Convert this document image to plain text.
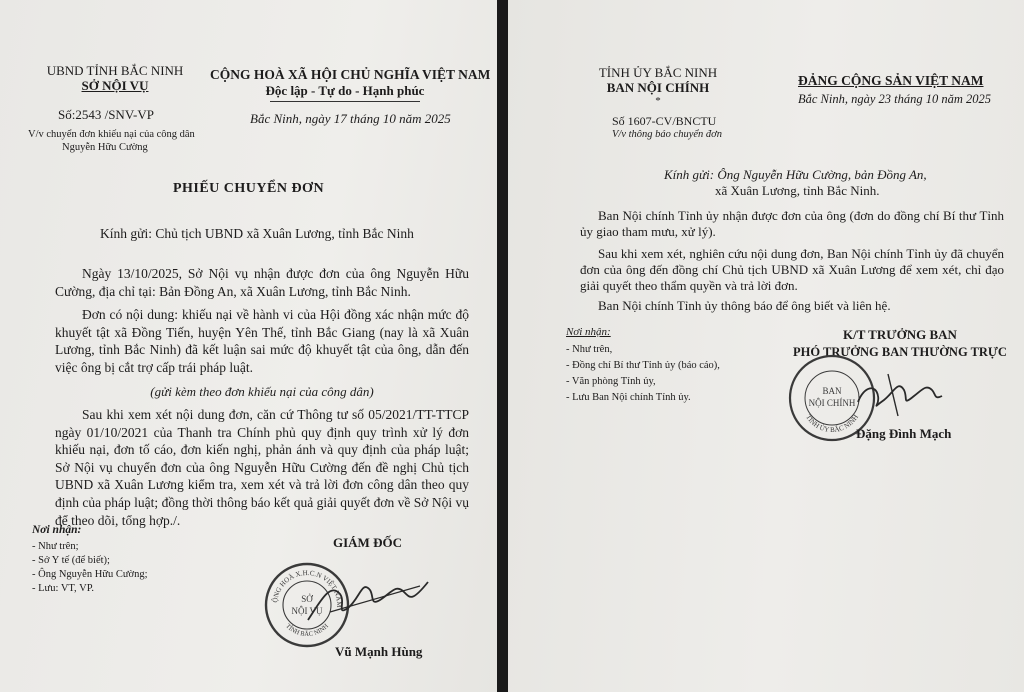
UBND TỈNH BẮC NINH
SỞ NỘI VỤ
CỘNG HOÀ XÃ HỘI CHỦ NGHĨA VIỆT NAM
Độc lập - Tự do - Hạnh phúc
Số:2543 /SNV-VP	Bắc Ninh, ngày 17 tháng 10 năm 2025
V/v chuyển đơn khiếu nại của công dân
Nguyễn Hữu Cường
PHIẾU CHUYỂN ĐƠN
Kính gửi: Chủ tịch UBND xã Xuân Lương, tỉnh Bắc Ninh
Ngày 13/10/2025, Sở Nội vụ nhận được đơn của ông Nguyễn Hữu Cường, địa chỉ tại: Bản Đồng An, xã Xuân Lương, tỉnh Bắc Ninh.
Đơn có nội dung: khiếu nại về hành vi của Hội đồng xác nhận mức độ khuyết tật xã Đồng Tiến, huyện Yên Thế, tỉnh Bắc Giang (nay là xã Xuân Lương, tỉnh Bắc Ninh) đã kết luận sai mức độ khuyết tật của ông, dẫn đến việc ông bị cắt trợ cấp trái pháp luật.
(gửi kèm theo đơn khiếu nại của công dân)
Sau khi xem xét nội dung đơn, căn cứ Thông tư số 05/2021/TT-TTCP ngày 01/10/2021 của Thanh tra Chính phủ quy định quy trình xử lý đơn khiếu nại, đơn tố cáo, đơn kiến nghị, phản ánh và quy định của pháp luật; Sở Nội vụ chuyển đơn của ông Nguyễn Hữu Cường đến đề nghị Chủ tịch UBND xã Xuân Lương kiểm tra, xem xét và trả lời đơn công dân theo quy định của pháp luật; đồng thời thông báo kết quả giải quyết đơn về Sở Nội vụ để theo dõi, tổng hợp./.
Nơi nhận:
- Như trên;
- Sở Y tế (để biết);
- Ông Nguyễn Hữu Cường;
- Lưu: VT, VP.
GIÁM ĐỐC
ỘNG HOÀ X.H.C.N VIỆT NAM
TỈNH BẮC NINH
SỞ
NỘI VỤ
Vũ Mạnh Hùng
TỈNH ỦY BẮC NINH
BAN NỘI CHÍNH
*
ĐẢNG CỘNG SẢN VIỆT NAM
Bắc Ninh, ngày 23 tháng 10 năm 2025
Số 1607-CV/BNCTU
V/v thông báo chuyển đơn
Kính gửi: Ông Nguyễn Hữu Cường, bản Đồng An,
xã Xuân Lương, tỉnh Bắc Ninh.
Ban Nội chính Tỉnh ủy nhận được đơn của ông (đơn do đồng chí Bí thư Tỉnh ủy giao tham mưu, xử lý).
Sau khi xem xét, nghiên cứu nội dung đơn, Ban Nội chính Tỉnh ủy đã chuyển đơn của ông đến đồng chí Chủ tịch UBND xã Xuân Lương để xem xét, chỉ đạo giải quyết theo thẩm quyền và trả lời đơn.
Ban Nội chính Tỉnh ủy thông báo để ông biết và liên hệ.
Nơi nhận:
- Như trên,
- Đồng chí Bí thư Tỉnh ủy (báo cáo),
- Văn phòng Tỉnh ủy,
- Lưu Ban Nội chính Tỉnh ủy.
K/T TRƯỞNG BAN
PHÓ TRƯỞNG BAN THƯỜNG TRỰC
TỈNH ỦY BẮC NINH
BAN
NỘI CHÍNH
Đặng Đình Mạch
